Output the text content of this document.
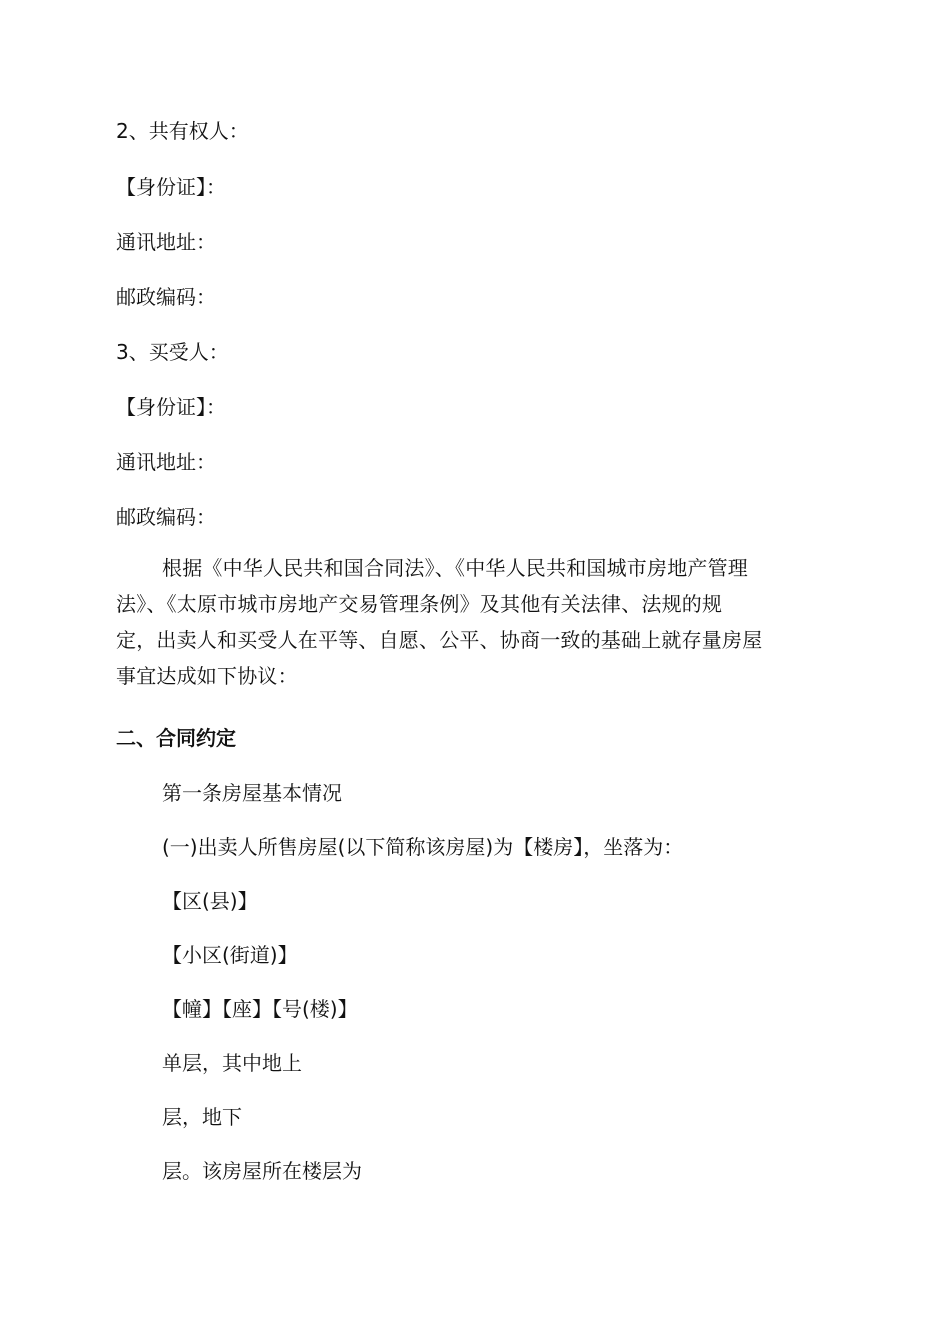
2、共有权人：
【身份证】：
通讯地址：
邮政编码：
3、买受人：
【身份证】：
通讯地址：
邮政编码：
根据《中华人民共和国合同法》、《中华人民共和国城市房地产管理
法》、《太原市城市房地产交易管理条例》及其他有关法律、法规的规
定，出卖人和买受人在平等、自愿、公平、协商一致的基础上就存量房屋
事宜达成如下协议：
二、合同约定
第一条房屋基本情况
(一)出卖人所售房屋(以下简称该房屋)为【楼房】，坐落为：
【区(县)】
【小区(街道)】
【幢】【座】【号(楼)】
单层，其中地上
层，地下
层。该房屋所在楼层为
